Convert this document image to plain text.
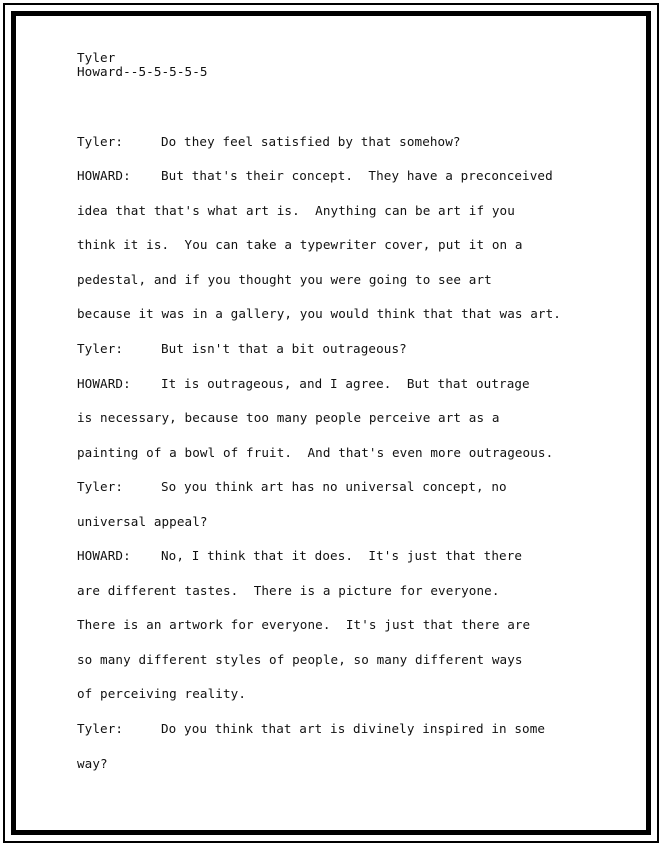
Tyler
Howard--5-5-5-5-5
Tyler:	Do they feel satisfied by that somehow?
HOWARD: But that's their concept.  They have a preconceived
idea that that's what art is.  Anything can be art if you
think it is.  You can take a typewriter cover, put it on a
pedestal, and if you thought you were going to see art
because it was in a gallery, you would think that that was art.
Tyler:	But isn't that a bit outrageous?
HOWARD: It is outrageous, and I agree.  But that outrage
is necessary, because too many people perceive art as a
painting of a bowl of fruit.  And that's even more outrageous.
Tyler:	So you think art has no universal concept, no
universal appeal?
HOWARD: No, I think that it does.  It's just that there
are different tastes.  There is a picture for everyone.
There is an artwork for everyone.  It's just that there are
so many different styles of people, so many different ways
of perceiving reality.
Tyler:	Do you think that art is divinely inspired in some
way?
